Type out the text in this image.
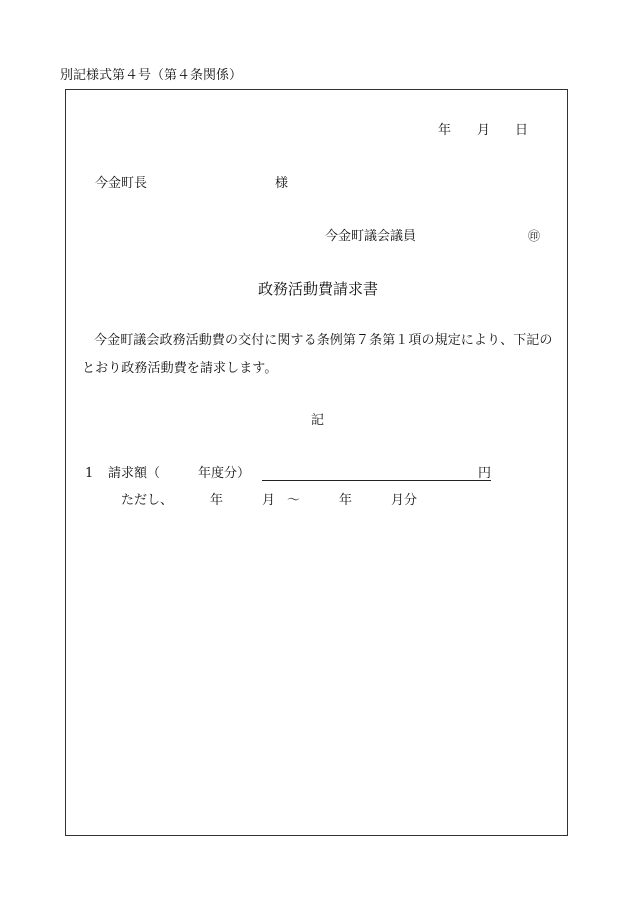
別記様式第４号（第４条関係）
年 月 日
今金町長	様
今金町議会議員	㊞
政務活動費請求書
今金町議会政務活動費の交付に関する条例第７条第１項の規定により、下記の
とおり政務活動費を請求します。
記
1 請求額（	年度分）	円
ただし、	年	月 ～	年	月分
